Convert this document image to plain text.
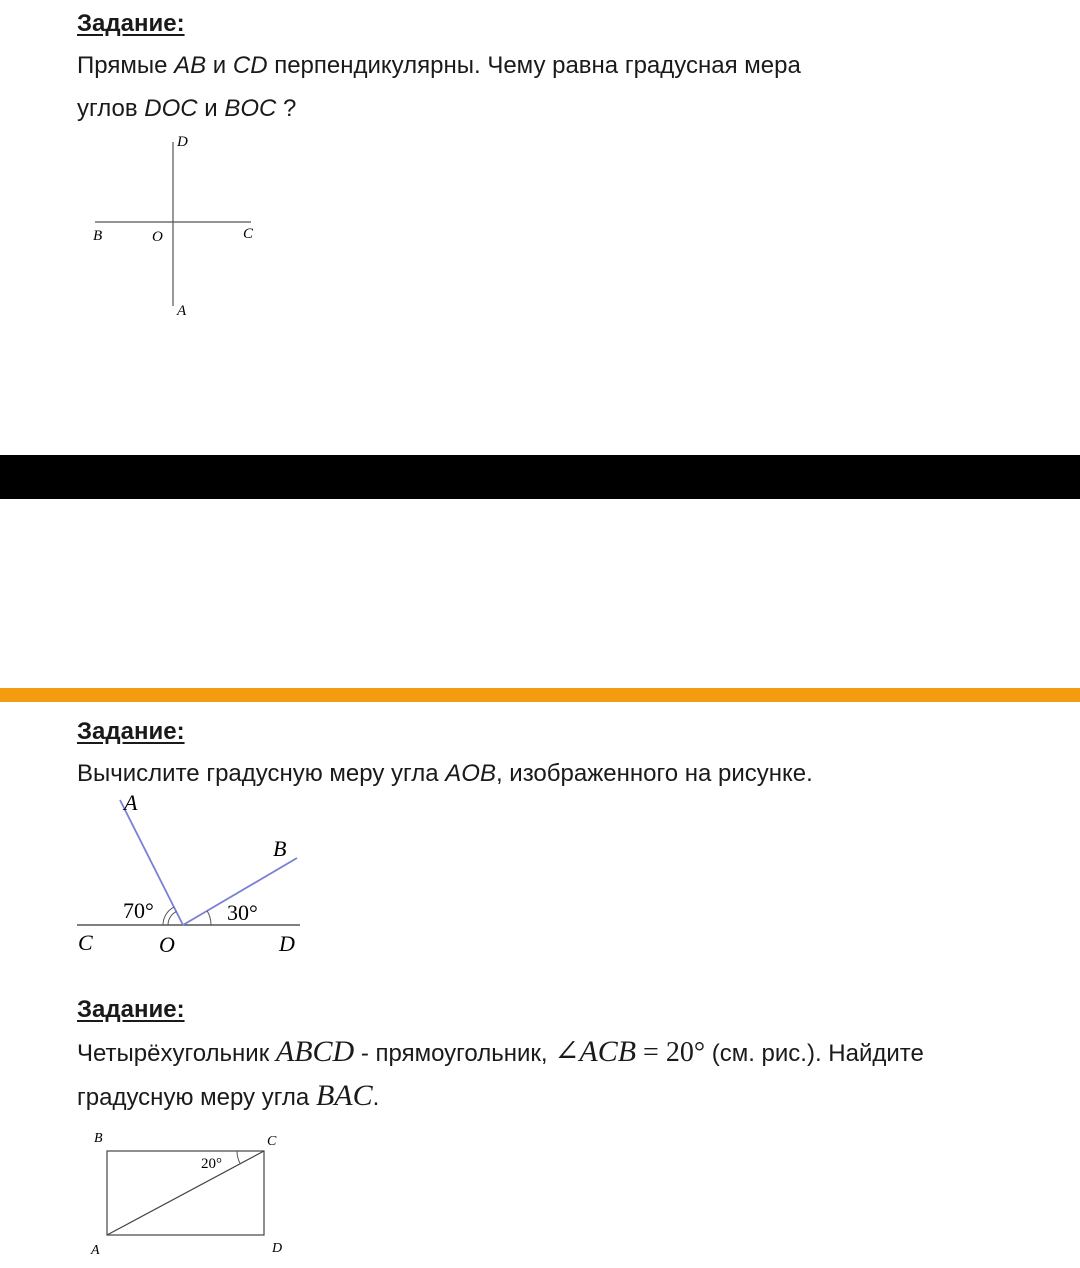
Задание:
Прямые AB и CD перпендикулярны. Чему равна градусная мера
углов DOC и BOC ?
D
B	O	C
A
Задание:
Вычислите градусную меру угла AOB, изображенного на рисунке.
70°	30°
A
B
C	O	D
Задание:
Четырёхугольник ABCD - прямоугольник, ∠ACB = 20° (см. рис.). Найдите
градусную меру угла BAC.
20°
B	C
A	D
